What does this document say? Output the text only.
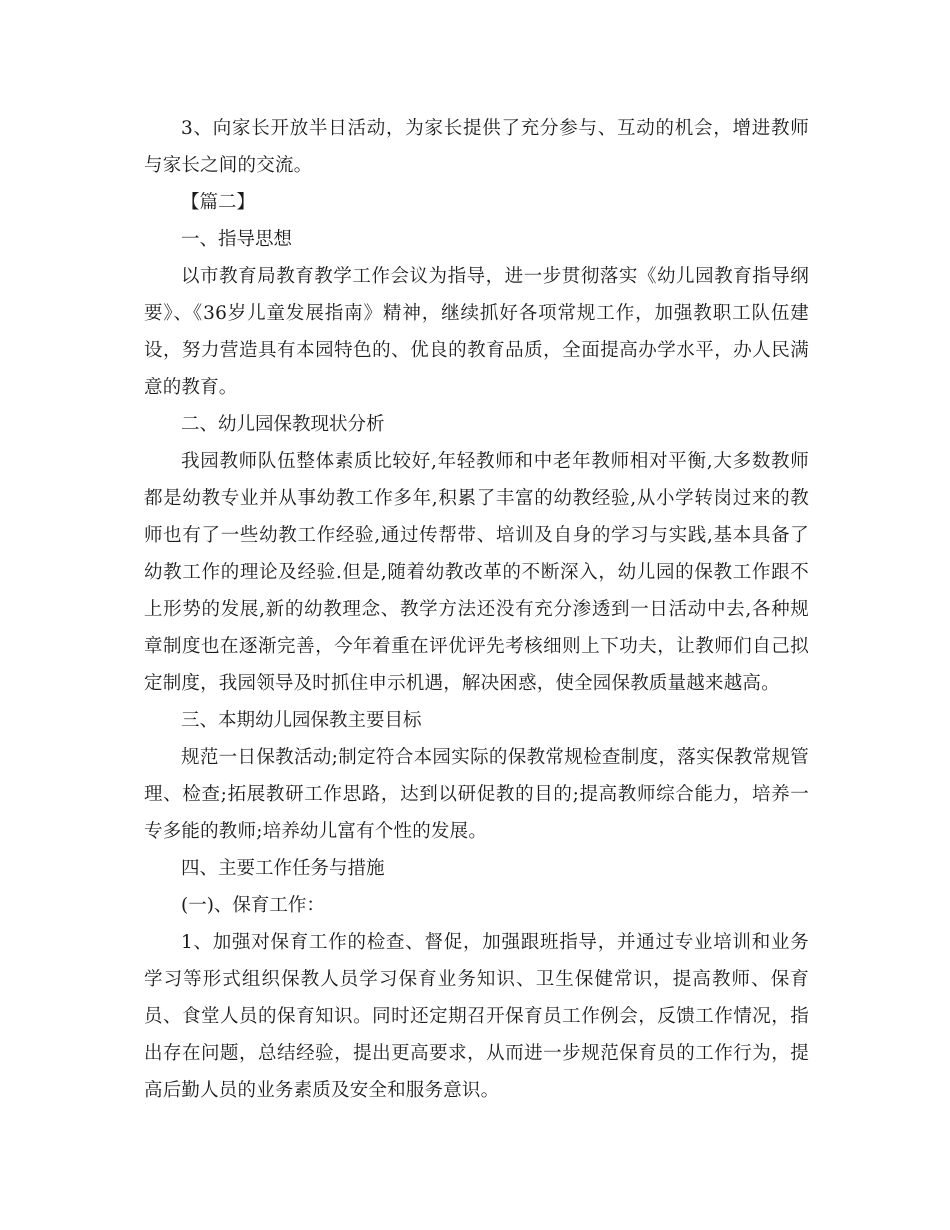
3、向家长开放半日活动，为家长提供了充分参与、互动的机会，增进教师与家长之间的交流。

【篇二】

一、指导思想

以市教育局教育教学工作会议为指导，进一步贯彻落实《幼儿园教育指导纲要》、《36岁儿童发展指南》精神，继续抓好各项常规工作，加强教职工队伍建设，努力营造具有本园特色的、优良的教育品质，全面提高办学水平，办人民满意的教育。

二、幼儿园保教现状分析

我园教师队伍整体素质比较好,年轻教师和中老年教师相对平衡,大多数教师都是幼教专业并从事幼教工作多年,积累了丰富的幼教经验,从小学转岗过来的教师也有了一些幼教工作经验,通过传帮带、培训及自身的学习与实践,基本具备了幼教工作的理论及经验.但是,随着幼教改革的不断深入，幼儿园的保教工作跟不上形势的发展,新的幼教理念、教学方法还没有充分渗透到一日活动中去,各种规章制度也在逐渐完善，今年着重在评优评先考核细则上下功夫，让教师们自己拟定制度，我园领导及时抓住申示机遇，解决困惑，使全园保教质量越来越高。

三、本期幼儿园保教主要目标

规范一日保教活动;制定符合本园实际的保教常规检查制度，落实保教常规管理、检查;拓展教研工作思路，达到以研促教的目的;提高教师综合能力，培养一专多能的教师;培养幼儿富有个性的发展。

四、主要工作任务与措施

(一)、保育工作：

1、加强对保育工作的检查、督促，加强跟班指导，并通过专业培训和业务学习等形式组织保教人员学习保育业务知识、卫生保健常识，提高教师、保育员、食堂人员的保育知识。同时还定期召开保育员工作例会，反馈工作情况，指出存在问题，总结经验，提出更高要求，从而进一步规范保育员的工作行为，提高后勤人员的业务素质及安全和服务意识。
